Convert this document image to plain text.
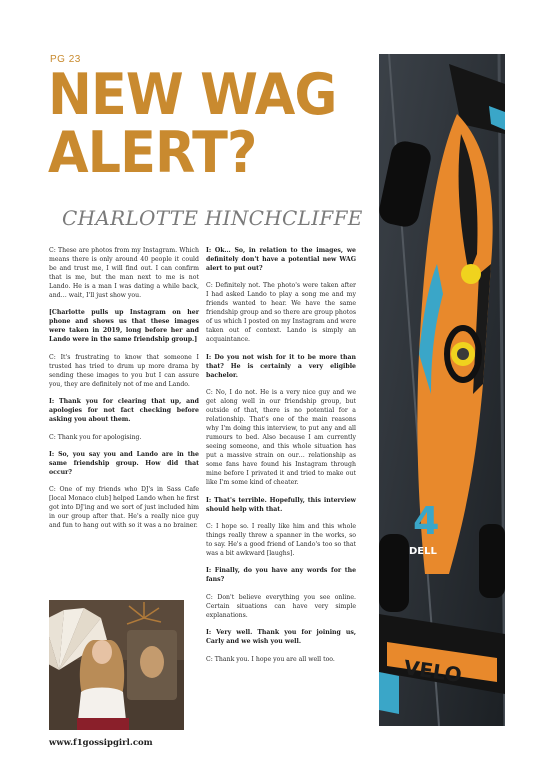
PG 23
NEW WAG
ALERT?
CHARLOTTE HINCHCLIFFE

C: These are photos from my Instagram. Which means there is only around 40 people it could be and trust me, I will find out. I can confirm that is me, but the man next to me is not Lando. He is a man I was dating a while back, and… wait, I'll just show you.

[Charlotte pulls up Instagram on her phone and shows us that these images were taken in 2019, long before her and Lando were in the same friendship group.]

C: It's frustrating to know that someone I trusted has tried to drum up more drama by sending these images to you but I can assure you, they are definitely not of me and Lando.

I: Thank you for clearing that up, and apologies for not fact checking before asking you about them.

C: Thank you for apologising.

I: So, you say you and Lando are in the same friendship group. How did that occur?

C: One of my friends who DJ's in Sass Cafe [local Monaco club] helped Lando when he first got into DJ'ing and we sort of just included him in our group after that. He's a really nice guy and fun to hang out with so it was a no brainer.

I: Ok… So, in relation to the images, we definitely don't have a potential new WAG alert to put out?

C: Definitely not. The photo's were taken after I had asked Lando to play a song me and my friends wanted to hear. We have the same friendship group and so there are group photos of us which I posted on my Instagram and were taken out of context. Lando is simply an acquaintance.

I: Do you not wish for it to be more than that? He is certainly a very eligible bachelor.

C: No, I do not. He is a very nice guy and we get along well in our friendship group, but outside of that, there is no potential for a relationship. That's one of the main reasons why I'm doing this interview, to put any and all rumours to bed. Also because I am currently seeing someone, and this whole situation has put a massive strain on our… relationship as some fans have found his Instagram through mine before I privated it and tried to make out like I'm some kind of cheater.

I: That's terrible. Hopefully, this interview should help with that.

C: I hope so. I really like him and this whole things really threw a spanner in the works, so to say. He's a good friend of Lando's too so that was a bit awkward [laughs].

I: Finally, do you have any words for the fans?

C: Don't believe everything you see online. Certain situations can have very simple explanations.

I: Very well. Thank you for joining us, Carly and we wish you well.

C: Thank you. I hope you are all well too.

www.f1gossipgirl.com
4
DELL
VELO
